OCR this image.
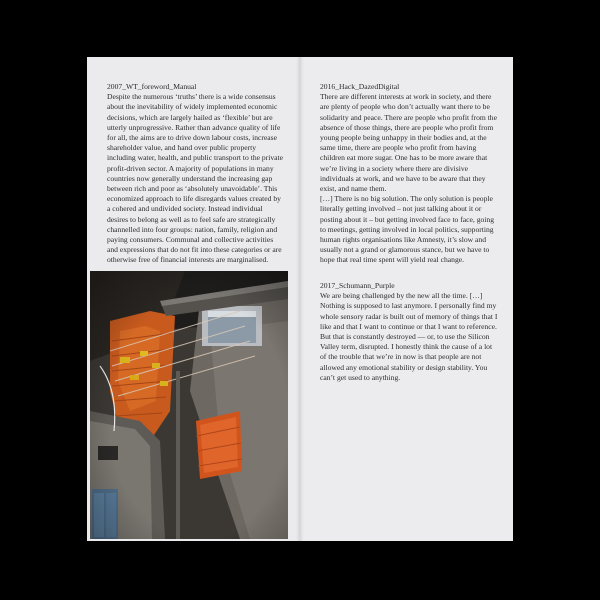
2007_WT_foreword_Manual

Despite the numerous ‘truths’ there is a wide consensus about the inevitability of widely implemented economic decisions, which are largely hailed as ‘flexible’ but are utterly unprogressive. Rather than advance quality of life for all, the aims are to drive down labour costs, increase shareholder value, and hand over public property including water, health, and public transport to the private profit-driven sector. A majority of populations in many countries now generally understand the increasing gap between rich and poor as ‘absolutely unavoidable’. This economized approach to life disregards values created by a cohered and undivided society. Instead individual desires to belong as well as to feel safe are strategically channelled into four groups: nation, family, religion and paying consumers. Communal and collective activities and expressions that do not fit into these categories or are otherwise free of financial interests are marginalised.

2016_Hack_DazedDigital

There are different interests at work in society, and there are plenty of people who don’t actually want there to be solidarity and peace. There are people who profit from the absence of those things, there are people who profit from young people being unhappy in their bodies and, at the same time, there are people who profit from having children eat more sugar. One has to be more aware that we’re living in a society where there are divisive individuals at work, and we have to be aware that they exist, and name them.

[…] There is no big solution. The only solution is people literally getting involved – not just talking about it or posting about it – but getting involved face to face, going to meetings, getting involved in local politics, supporting human rights organisations like Amnesty, it’s slow and usually not a grand or glamorous stance, but we have to hope that real time spent will yield real change.

2017_Schumann_Purple

We are being challenged by the new all the time. […] Nothing is supposed to last anymore. I personally find my whole sensory radar is built out of memory of things that I like and that I want to continue or that I want to reference. But that is constantly destroyed — or, to use the Silicon Valley term, disrupted. I honestly think the cause of a lot of the trouble that we’re in now is that people are not allowed any emotional stability or design stability. You can’t get used to anything.
